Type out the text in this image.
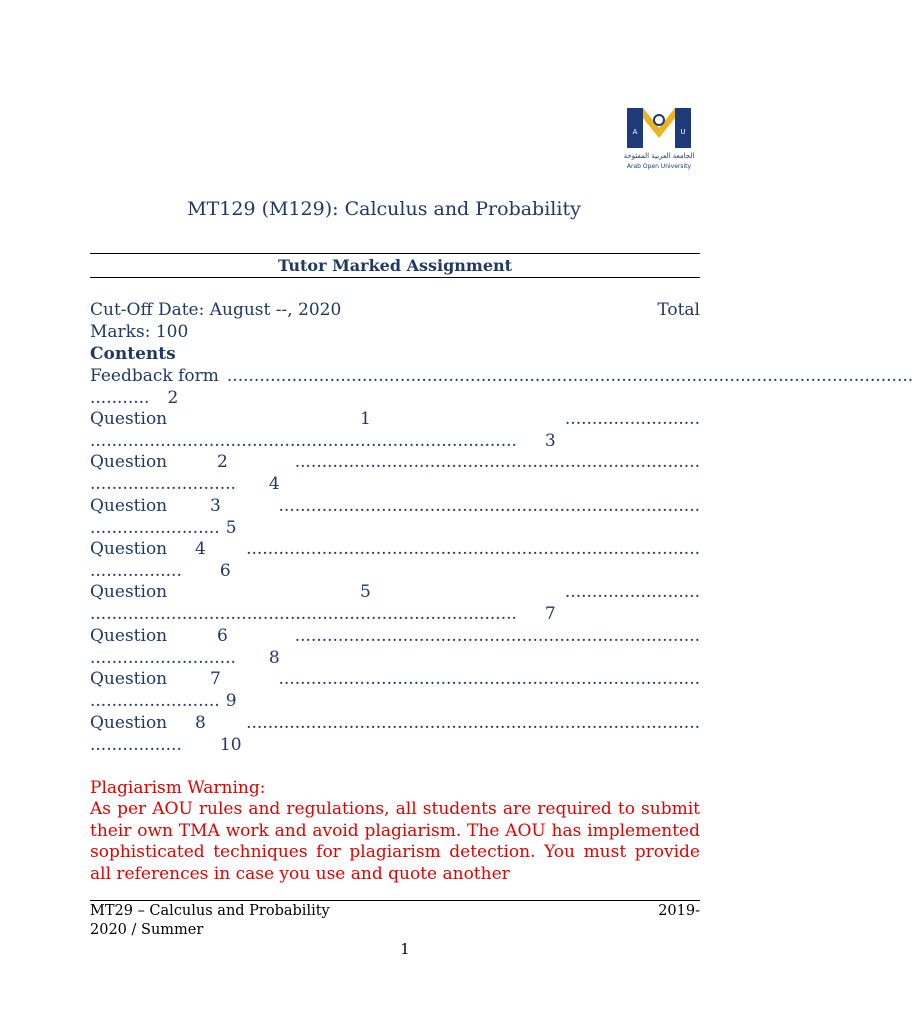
A	U
الجامعة العربية المفتوحة
Arab Open University
MT129 (M129): Calculus and Probability
Tutor Marked Assignment
Cut-Off Date: August --, 2020	Total
Marks: 100
Contents
Feedback form ...............................................................................................................................
........... 2
Question	1	.........................
............................................................................... 3
Question	2	...........................................................................
........................... 4
Question	3	..............................................................................
........................ 5
Question 4 ....................................................................................
................. 6
Question	5	.........................
............................................................................... 7
Question	6	...........................................................................
........................... 8
Question	7	..............................................................................
........................ 9
Question 8 ....................................................................................
................. 10
Plagiarism Warning:
As per AOU rules and regulations, all students are required to submit their own TMA work and avoid plagiarism. The AOU has implemented sophisticated techniques for plagiarism detection. You must provide all references in case you use and quote another
MT29 – Calculus and Probability	2019-
2020 / Summer
1
